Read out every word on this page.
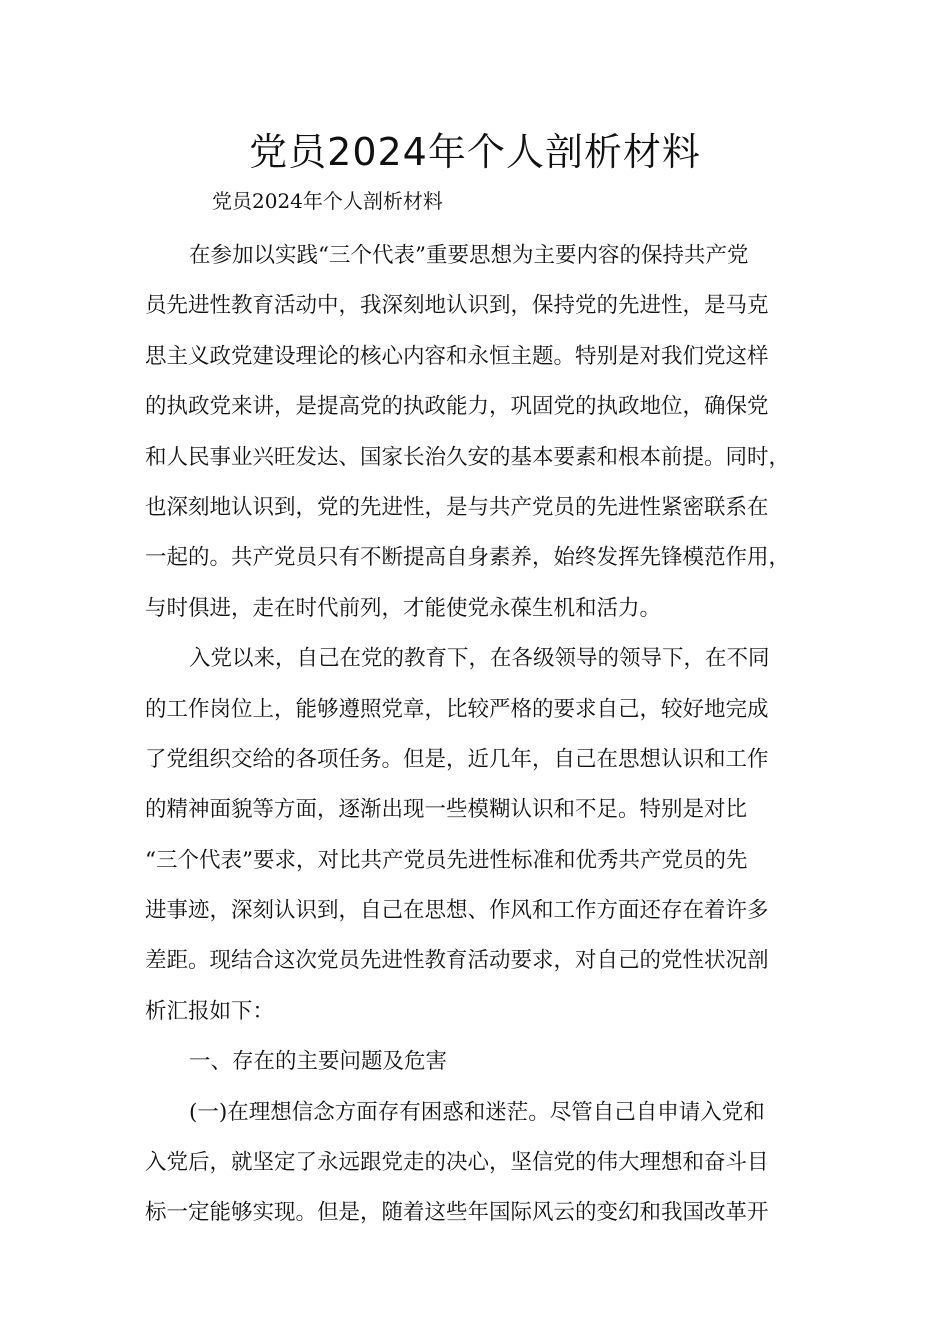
党员2024年个人剖析材料

党员2024年个人剖析材料

在参加以实践“三个代表”重要思想为主要内容的保持共产党
员先进性教育活动中，我深刻地认识到，保持党的先进性，是马克
思主义政党建设理论的核心内容和永恒主题。特别是对我们党这样
的执政党来讲，是提高党的执政能力，巩固党的执政地位，确保党
和人民事业兴旺发达、国家长治久安的基本要素和根本前提。同时，
也深刻地认识到，党的先进性，是与共产党员的先进性紧密联系在
一起的。共产党员只有不断提高自身素养，始终发挥先锋模范作用，
与时俱进，走在时代前列，才能使党永葆生机和活力。
入党以来，自己在党的教育下，在各级领导的领导下，在不同
的工作岗位上，能够遵照党章，比较严格的要求自己，较好地完成
了党组织交给的各项任务。但是，近几年，自己在思想认识和工作
的精神面貌等方面，逐渐出现一些模糊认识和不足。特别是对比
“三个代表”要求，对比共产党员先进性标准和优秀共产党员的先
进事迹，深刻认识到，自己在思想、作风和工作方面还存在着许多
差距。现结合这次党员先进性教育活动要求，对自己的党性状况剖
析汇报如下：
一、存在的主要问题及危害
(一)在理想信念方面存有困惑和迷茫。尽管自己自申请入党和
入党后，就坚定了永远跟党走的决心，坚信党的伟大理想和奋斗目
标一定能够实现。但是，随着这些年国际风云的变幻和我国改革开
